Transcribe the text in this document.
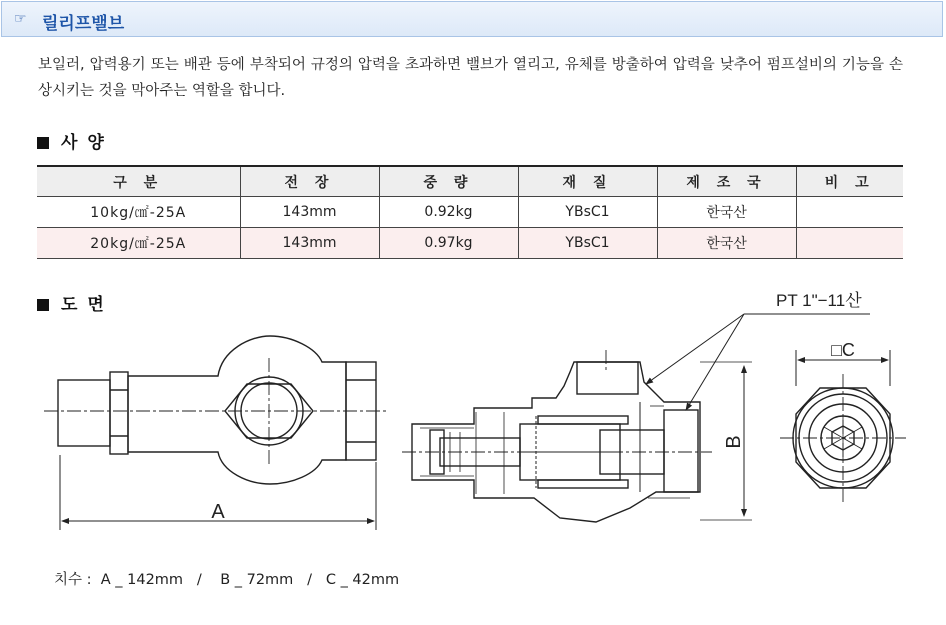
☞ 릴리프밸브
보일러, 압력용기 또는 배관 등에 부착되어 규정의 압력을 초과하면 밸브가 열리고, 유체를 방출하여 압력을 낮추어 펌프설비의 기능을 손상시키는 것을 막아주는 역할을 합니다.
사 양
구 분	전 장	중 량	재 질	제 조 국	비 고
10kg/㎠-25A	143mm	0.92kg	YBsC1	한국산	
20kg/㎠-25A	143mm	0.97kg	YBsC1	한국산	
도 면
A
B
□C
PT 1"−11산
치수 :  A _ 142mm   /    B _ 72mm   /   C _ 42mm
